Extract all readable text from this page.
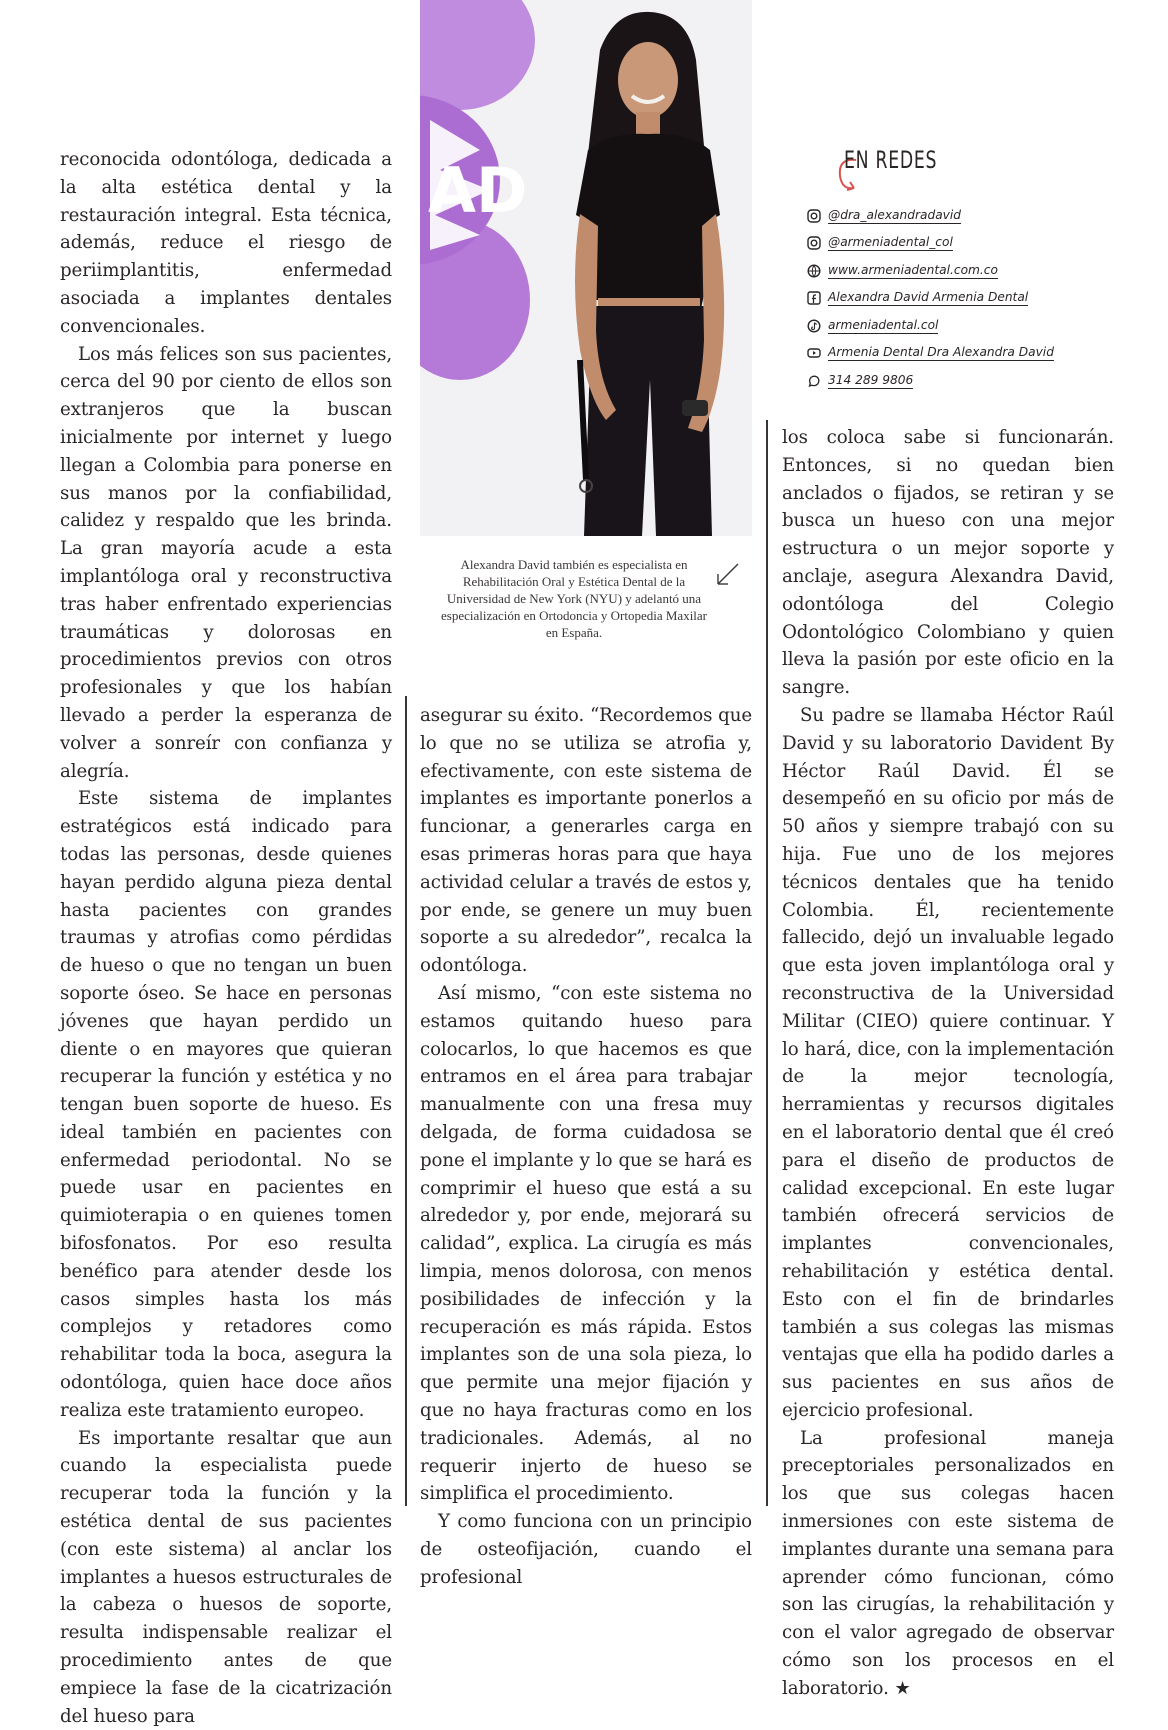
AD
Alexandra David también es especialista en Rehabilitación Oral y Estética Dental de la Universidad de New York (NYU) y adelantó una especialización en Ortodoncia y Ortopedia Maxilar en España.
EN REDES
@dra_alexandradavid
@armeniadental_col
www.armeniadental.com.co
Alexandra David Armenia Dental
armeniadental.col
Armenia Dental Dra Alexandra David
314 289 9806

reconocida odontóloga, dedicada a la alta estética dental y la restauración integral. Esta técnica, además, reduce el riesgo de periimplantitis, enfermedad asociada a implantes dentales convencionales.

Los más felices son sus pacientes, cerca del 90 por ciento de ellos son extranjeros que la buscan inicialmente por internet y luego llegan a Colombia para ponerse en sus manos por la confiabilidad, calidez y respaldo que les brinda. La gran mayoría acude a esta implantóloga oral y reconstructiva tras haber enfrentado experiencias traumáticas y dolorosas en procedimientos previos con otros profesionales y que los habían llevado a perder la esperanza de volver a sonreír con confianza y alegría.

Este sistema de implantes estratégicos está indicado para todas las personas, desde quienes hayan perdido alguna pieza dental hasta pacientes con grandes traumas y atrofias como pérdidas de hueso o que no tengan un buen soporte óseo. Se hace en personas jóvenes que hayan perdido un diente o en mayores que quieran recuperar la función y estética y no tengan buen soporte de hueso. Es ideal también en pacientes con enfermedad periodontal. No se puede usar en pacientes en quimioterapia o en quienes tomen bifosfonatos. Por eso resulta benéfico para atender desde los casos simples hasta los más complejos y retadores como rehabilitar toda la boca, asegura la odontóloga, quien hace doce años realiza este tratamiento europeo.

Es importante resaltar que aun cuando la especialista puede recuperar toda la función y la estética dental de sus pacientes (con este sistema) al anclar los implantes a huesos estructurales de la cabeza o huesos de soporte, resulta indispensable realizar el procedimiento antes de que empiece la fase de la cicatrización del hueso para

asegurar su éxito. “Recordemos que lo que no se utiliza se atrofia y, efectivamente, con este sistema de implantes es importante ponerlos a funcionar, a generarles carga en esas primeras horas para que haya actividad celular a través de estos y, por ende, se genere un muy buen soporte a su alrededor”, recalca la odontóloga.

Así mismo, “con este sistema no estamos quitando hueso para colocarlos, lo que hacemos es que entramos en el área para trabajar manualmente con una fresa muy delgada, de forma cuidadosa se pone el implante y lo que se hará es comprimir el hueso que está a su alrededor y, por ende, mejorará su calidad”, explica. La cirugía es más limpia, menos dolorosa, con menos posibilidades de infección y la recuperación es más rápida. Estos implantes son de una sola pieza, lo que permite una mejor fijación y que no haya fracturas como en los tradicionales. Además, al no requerir injerto de hueso se simplifica el procedimiento.

Y como funciona con un principio de osteofijación, cuando el profesional

los coloca sabe si funcionarán. Entonces, si no quedan bien anclados o fijados, se retiran y se busca un hueso con una mejor estructura o un mejor soporte y anclaje, asegura Alexandra David, odontóloga del Colegio Odontológico Colombiano y quien lleva la pasión por este oficio en la sangre.

Su padre se llamaba Héctor Raúl David y su laboratorio Davident By Héctor Raúl David. Él se desempeñó en su oficio por más de 50 años y siempre trabajó con su hija. Fue uno de los mejores técnicos dentales que ha tenido Colombia. Él, recientemente fallecido, dejó un invaluable legado que esta joven implantóloga oral y reconstructiva de la Universidad Militar (CIEO) quiere continuar. Y lo hará, dice, con la implementación de la mejor tecnología, herramientas y recursos digitales en el laboratorio dental que él creó para el diseño de productos de calidad excepcional. En este lugar también ofrecerá servicios de implantes convencionales, rehabilitación y estética dental. Esto con el fin de brindarles también a sus colegas las mismas ventajas que ella ha podido darles a sus pacientes en sus años de ejercicio profesional.

La profesional maneja preceptoriales personalizados en los que sus colegas hacen inmersiones con este sistema de implantes durante una semana para aprender cómo funcionan, cómo son las cirugías, la rehabilitación y con el valor agregado de observar cómo son los procesos en el laboratorio. ★
